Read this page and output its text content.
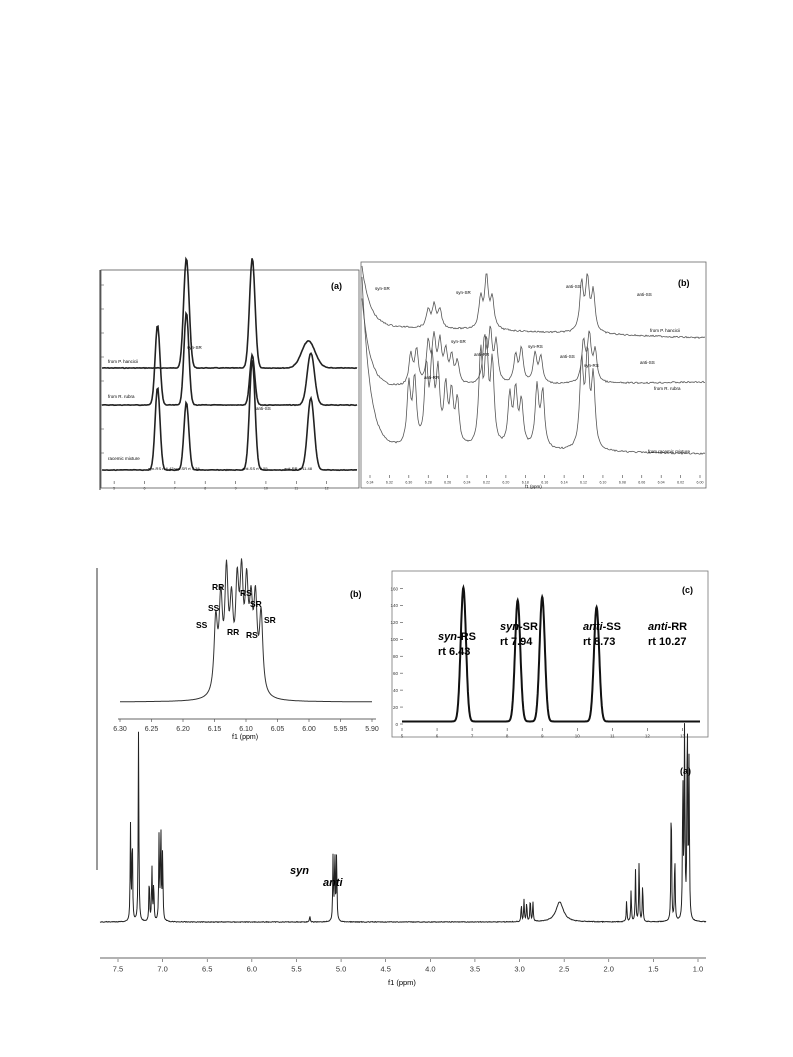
(a)
from P. hancicii
from R. rubra
racemic mixture
syn-SR
anti-SS
syn-RS rt 6.43 syn-SR rt 7.38	anti-SS rt 9.55	anti-RR rt 11.48
5	6	7	8	9	10	11	12
(b)
from P. hancicii
from R. rubra
from racemic mixture
syn-SR
syn-SR
anti-SS
anti-SS
anti-RR
syn-SR
anti-RR
syn-RS
anti-SS
syn-RS
anti-SS
6.34	6.32	6.30	6.28	6.26	6.24	6.22	6.20	6.18	6.16	6.14	6.12	6.10	6.08	6.06	6.04	6.02	6.00
f1 (ppm)
6.30	6.25	6.20	6.15	6.10	6.05	6.00	5.95	5.90
f1 (ppm)
(b)
SS
SS
RR
RR
RS
RS
SR
SR
0
20
40
60
80
100
120
140
160
5	6	7	8	9	10	11	12	13
(c)
syn-RS
rt 6.43
syn-SR
rt 7.94
anti-SS
rt 8.73
anti-RR
rt 10.27
7.5	7.0	6.5	6.0	5.5	5.0	4.5	4.0	3.5	3.0	2.5	2.0	1.5	1.0
f1 (ppm)
(a)
syn
anti
